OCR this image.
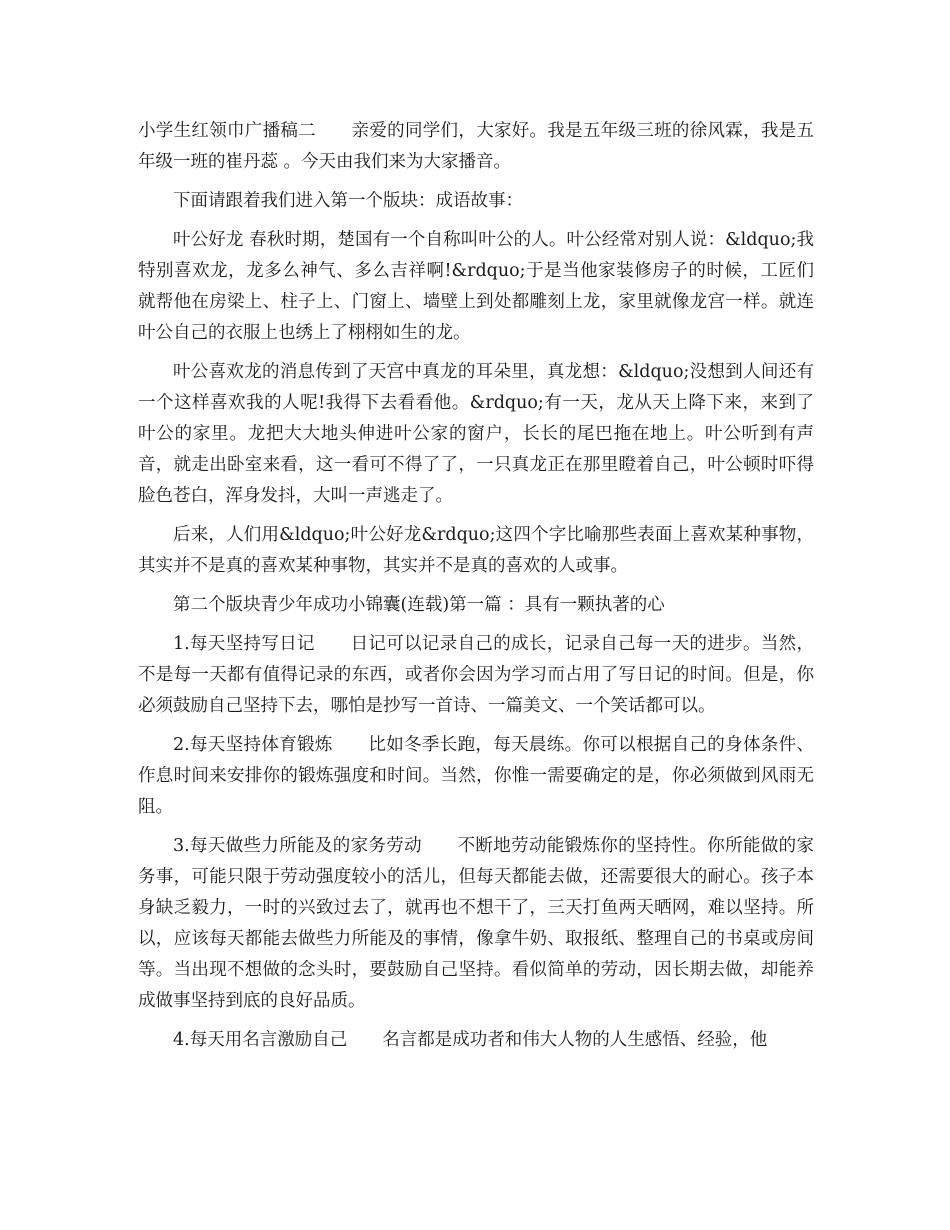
小学生红领巾广播稿二　　亲爱的同学们，大家好。我是五年级三班的徐风霖，我是五年级一班的崔丹蕊 。今天由我们来为大家播音。

下面请跟着我们进入第一个版块：成语故事：

叶公好龙 春秋时期，楚国有一个自称叫叶公的人。叶公经常对别人说：&ldquo;我特别喜欢龙，龙多么神气、多么吉祥啊!&rdquo;于是当他家装修房子的时候，工匠们就帮他在房梁上、柱子上、门窗上、墙壁上到处都雕刻上龙，家里就像龙宫一样。就连叶公自己的衣服上也绣上了栩栩如生的龙。

叶公喜欢龙的消息传到了天宫中真龙的耳朵里，真龙想：&ldquo;没想到人间还有一个这样喜欢我的人呢!我得下去看看他。&rdquo;有一天，龙从天上降下来，来到了叶公的家里。龙把大大地头伸进叶公家的窗户，长长的尾巴拖在地上。叶公听到有声音，就走出卧室来看，这一看可不得了了，一只真龙正在那里瞪着自己，叶公顿时吓得脸色苍白，浑身发抖，大叫一声逃走了。

后来，人们用&ldquo;叶公好龙&rdquo;这四个字比喻那些表面上喜欢某种事物，其实并不是真的喜欢某种事物，其实并不是真的喜欢的人或事。

第二个版块青少年成功小锦囊(连载)第一篇 ：具有一颗执著的心

1.每天坚持写日记　　日记可以记录自己的成长，记录自己每一天的进步。当然，不是每一天都有值得记录的东西，或者你会因为学习而占用了写日记的时间。但是，你必须鼓励自己坚持下去，哪怕是抄写一首诗、一篇美文、一个笑话都可以。

2.每天坚持体育锻炼　　比如冬季长跑，每天晨练。你可以根据自己的身体条件、作息时间来安排你的锻炼强度和时间。当然，你惟一需要确定的是，你必须做到风雨无阻。

3.每天做些力所能及的家务劳动　　不断地劳动能锻炼你的坚持性。你所能做的家务事，可能只限于劳动强度较小的活儿，但每天都能去做，还需要很大的耐心。孩子本身缺乏毅力，一时的兴致过去了，就再也不想干了，三天打鱼两天晒网，难以坚持。所以，应该每天都能去做些力所能及的事情，像拿牛奶、取报纸、整理自己的书桌或房间等。当出现不想做的念头时，要鼓励自己坚持。看似简单的劳动，因长期去做，却能养成做事坚持到底的良好品质。

4.每天用名言激励自己　　名言都是成功者和伟大人物的人生感悟、经验，他
